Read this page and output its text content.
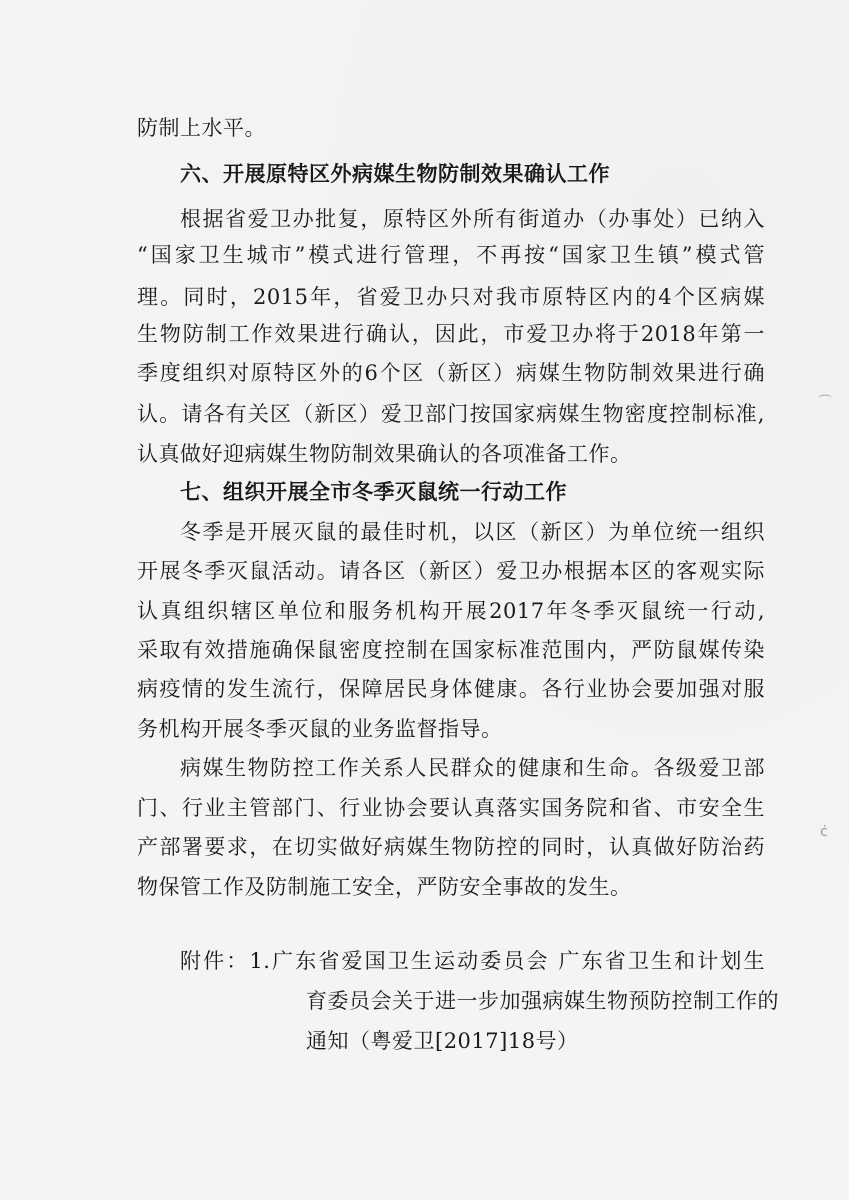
防制上水平。
六、开展原特区外病媒生物防制效果确认工作
根据省爱卫办批复，原特区外所有街道办（办事处）已纳入
“国家卫生城市”模式进行管理，不再按“国家卫生镇”模式管
理。同时，2015年，省爱卫办只对我市原特区内的4个区病媒
生物防制工作效果进行确认，因此，市爱卫办将于2018年第一
季度组织对原特区外的6个区（新区）病媒生物防制效果进行确
认。请各有关区（新区）爱卫部门按国家病媒生物密度控制标准,
认真做好迎病媒生物防制效果确认的各项准备工作。
七、组织开展全市冬季灭鼠统一行动工作
冬季是开展灭鼠的最佳时机，以区（新区）为单位统一组织
开展冬季灭鼠活动。请各区（新区）爱卫办根据本区的客观实际
认真组织辖区单位和服务机构开展2017年冬季灭鼠统一行动,
采取有效措施确保鼠密度控制在国家标准范围内，严防鼠媒传染
病疫情的发生流行，保障居民身体健康。各行业协会要加强对服
务机构开展冬季灭鼠的业务监督指导。
病媒生物防控工作关系人民群众的健康和生命。各级爱卫部
门、行业主管部门、行业协会要认真落实国务院和省、市安全生
产部署要求，在切实做好病媒生物防控的同时，认真做好防治药
物保管工作及防制施工安全，严防安全事故的发生。
附件：1.广东省爱国卫生运动委员会 广东省卫生和计划生
育委员会关于进一步加强病媒生物预防控制工作的
通知（粤爱卫[2017]18号）
⌒
ċ
